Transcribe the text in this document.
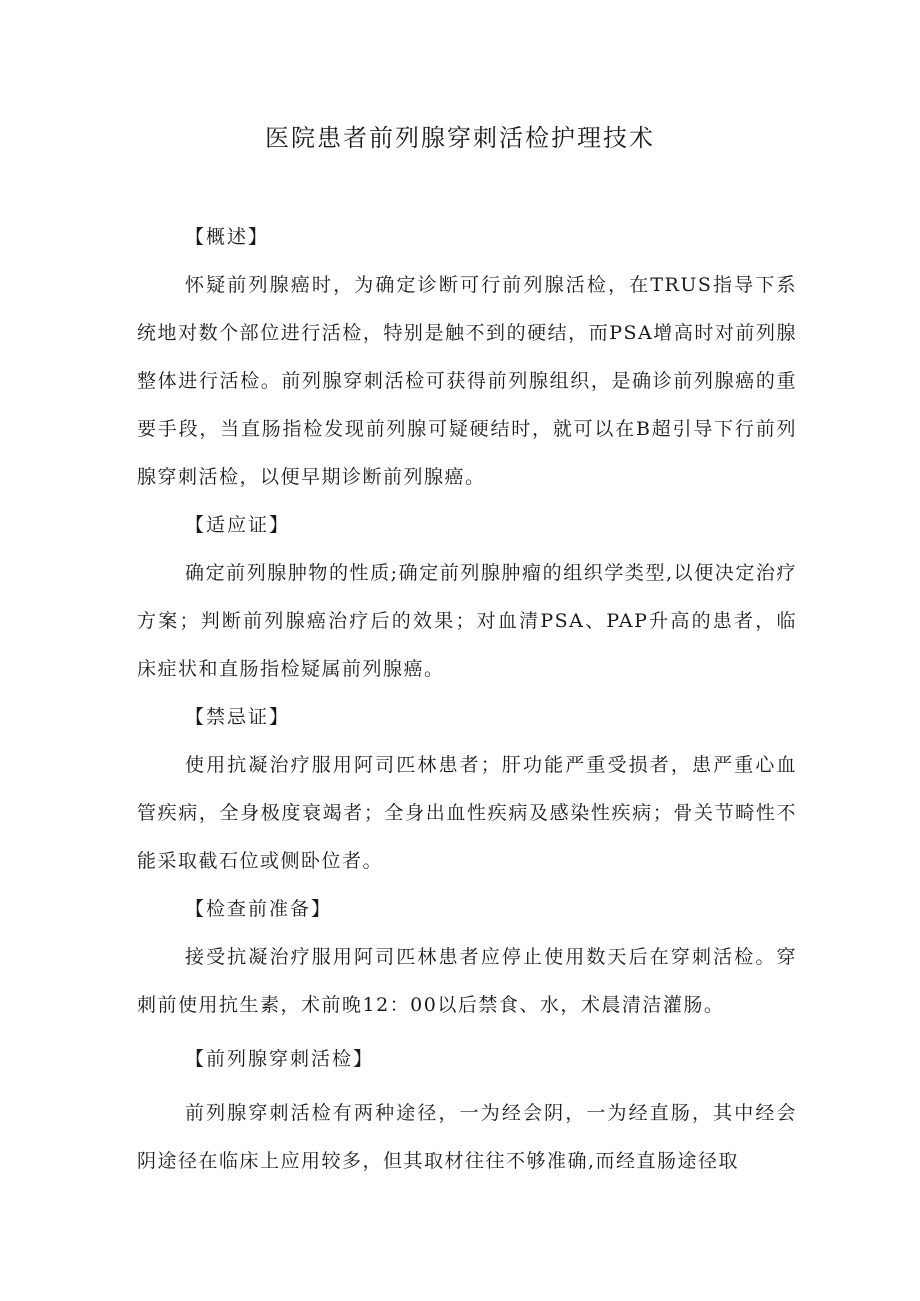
医院患者前列腺穿刺活检护理技术
【概述】

怀疑前列腺癌时，为确定诊断可行前列腺活检，在TRUS指导下系统地对数个部位进行活检，特别是触不到的硬结，而PSA增高时对前列腺整体进行活检。前列腺穿刺活检可获得前列腺组织，是确诊前列腺癌的重要手段，当直肠指检发现前列腺可疑硬结时，就可以在B超引导下行前列腺穿刺活检，以便早期诊断前列腺癌。

【适应证】

确定前列腺肿物的性质;确定前列腺肿瘤的组织学类型,以便决定治疗方案；判断前列腺癌治疗后的效果；对血清PSA、PAP升高的患者，临床症状和直肠指检疑属前列腺癌。

【禁忌证】

使用抗凝治疗服用阿司匹林患者；肝功能严重受损者，患严重心血管疾病，全身极度衰竭者；全身出血性疾病及感染性疾病；骨关节畸性不能采取截石位或侧卧位者。

【检查前准备】

接受抗凝治疗服用阿司匹林患者应停止使用数天后在穿刺活检。穿刺前使用抗生素，术前晚12：00以后禁食、水，术晨清洁灌肠。

【前列腺穿刺活检】

前列腺穿刺活检有两种途径，一为经会阴，一为经直肠，其中经会阴途径在临床上应用较多，但其取材往往不够准确,而经直肠途径取
